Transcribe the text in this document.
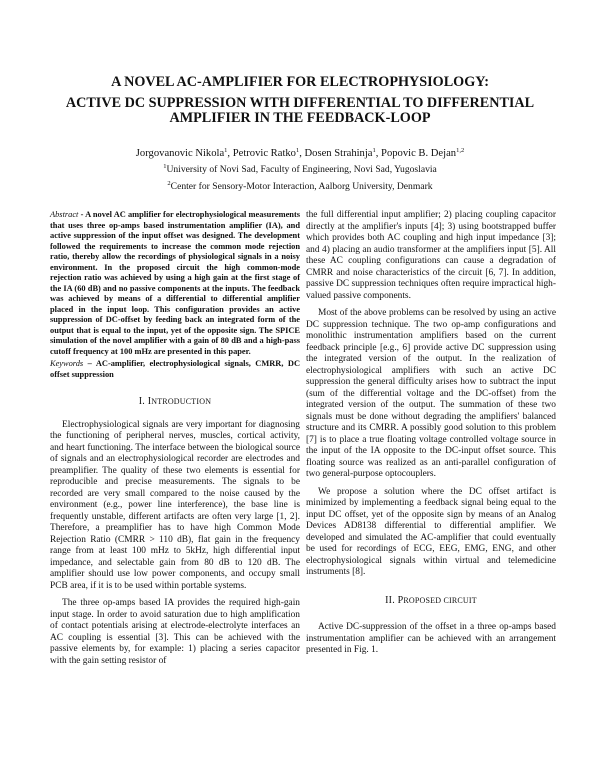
A NOVEL AC-AMPLIFIER FOR ELECTROPHYSIOLOGY:
ACTIVE DC SUPPRESSION WITH DIFFERENTIAL TO DIFFERENTIAL
AMPLIFIER IN THE FEEDBACK-LOOP
Jorgovanovic Nikola$^1$, Petrovic Ratko$^1$, Dosen Strahinja$^1$, Popovic B. Dejan$^{1,2}$
$^1$University of Novi Sad, Faculty of Engineering, Novi Sad, Yugoslavia
$^2$Center for Sensory-Motor Interaction, Aalborg University, Denmark

Abstract - A novel AC amplifier for electrophysiological measurements that uses three op-amps based instrumentation amplifier (IA), and active suppression of the input offset was designed. The development followed the requirements to increase the common mode rejection ratio, thereby allow the recordings of physiological signals in a noisy environment. In the proposed circuit the high common-mode rejection ratio was achieved by using a high gain at the first stage of the IA (60 dB) and no passive components at the inputs. The feedback was achieved by means of a differential to differential amplifier placed in the input loop. This configuration provides an active suppression of DC-offset by feeding back an integrated form of the output that is equal to the input, yet of the opposite sign. The SPICE simulation of the novel amplifier with a gain of 80 dB and a high-pass cutoff frequency at 100 mHz are presented in this paper.

Keywords – AC-amplifier, electrophysiological signals, CMRR, DC offset suppression

I. INTRODUCTION

Electrophysiological signals are very important for diagnosing the functioning of peripheral nerves, muscles, cortical activity, and heart functioning. The interface between the biological source of signals and an electrophysiological recorder are electrodes and preamplifier. The quality of these two elements is essential for reproducible and precise measurements. The signals to be recorded are very small compared to the noise caused by the environment (e.g., power line interference), the base line is frequently unstable, different artifacts are often very large [1, 2]. Therefore, a preamplifier has to have high Common Mode Rejection Ratio (CMRR > 110 dB), flat gain in the frequency range from at least 100 mHz to 5kHz, high differential input impedance, and selectable gain from 80 dB to 120 dB. The amplifier should use low power components, and occupy small PCB area, if it is to be used within portable systems.

The three op-amps based IA provides the required high-gain input stage. In order to avoid saturation due to high amplification of contact potentials arising at electrode-electrolyte interfaces an AC coupling is essential [3]. This can be achieved with the passive elements by, for example: 1) placing a series capacitor with the gain setting resistor of

the full differential input amplifier; 2) placing coupling capacitor directly at the amplifier's inputs [4]; 3) using bootstrapped buffer which provides both AC coupling and high input impedance [3]; and 4) placing an audio transformer at the amplifiers input [5]. All these AC coupling configurations can cause a degradation of CMRR and noise characteristics of the circuit [6, 7]. In addition, passive DC suppression techniques often require impractical high-valued passive components.

Most of the above problems can be resolved by using an active DC suppression technique. The two op-amp configurations and monolithic instrumentation amplifiers based on the current feedback principle [e.g., 6] provide active DC suppression using the integrated version of the output. In the realization of electrophysiological amplifiers with such an active DC suppression the general difficulty arises how to subtract the input (sum of the differential voltage and the DC-offset) from the integrated version of the output. The summation of these two signals must be done without degrading the amplifiers' balanced structure and its CMRR. A possibly good solution to this problem [7] is to place a true floating voltage controlled voltage source in the input of the IA opposite to the DC-input offset source. This floating source was realized as an anti-parallel configuration of two general-purpose optocouplers.

We propose a solution where the DC offset artifact is minimized by implementing a feedback signal being equal to the input DC offset, yet of the opposite sign by means of an Analog Devices AD8138 differential to differential amplifier. We developed and simulated the AC-amplifier that could eventually be used for recordings of ECG, EEG, EMG, ENG, and other electrophysiological signals within virtual and telemedicine instruments [8].

II. PROPOSED CIRCUIT

Active DC-suppression of the offset in a three op-amps based instrumentation amplifier can be achieved with an arrangement presented in Fig. 1.
